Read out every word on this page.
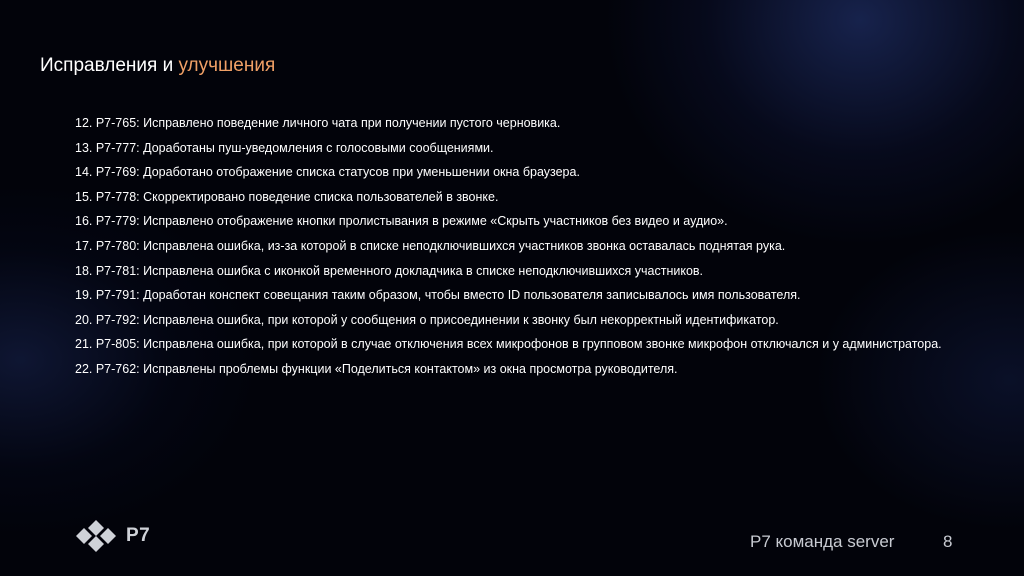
Исправления и улучшения
12. Р7-765: Исправлено поведение личного чата при получении пустого черновика.
13. Р7-777: Доработаны пуш-уведомления с голосовыми сообщениями.
14. Р7-769: Доработано отображение списка статусов при уменьшении окна браузера.
15. Р7-778: Скорректировано поведение списка пользователей в звонке.
16. Р7-779: Исправлено отображение кнопки пролистывания в режиме «Скрыть участников без видео и аудио».
17. Р7-780: Исправлена ошибка, из-за которой в списке неподключившихся участников звонка оставалась поднятая рука.
18. Р7-781: Исправлена ошибка с иконкой временного докладчика в списке неподключившихся участников.
19. Р7-791: Доработан конспект совещания таким образом, чтобы вместо ID пользователя записывалось имя пользователя.
20. Р7-792: Исправлена ошибка, при которой у сообщения о присоединении к звонку был некорректный идентификатор.
21. Р7-805: Исправлена ошибка, при которой в случае отключения всех микрофонов в групповом звонке микрофон отключался и у администратора.
22. Р7-762: Исправлены проблемы функции «Поделиться контактом» из окна просмотра руководителя.
Р7	Р7 команда server	8
